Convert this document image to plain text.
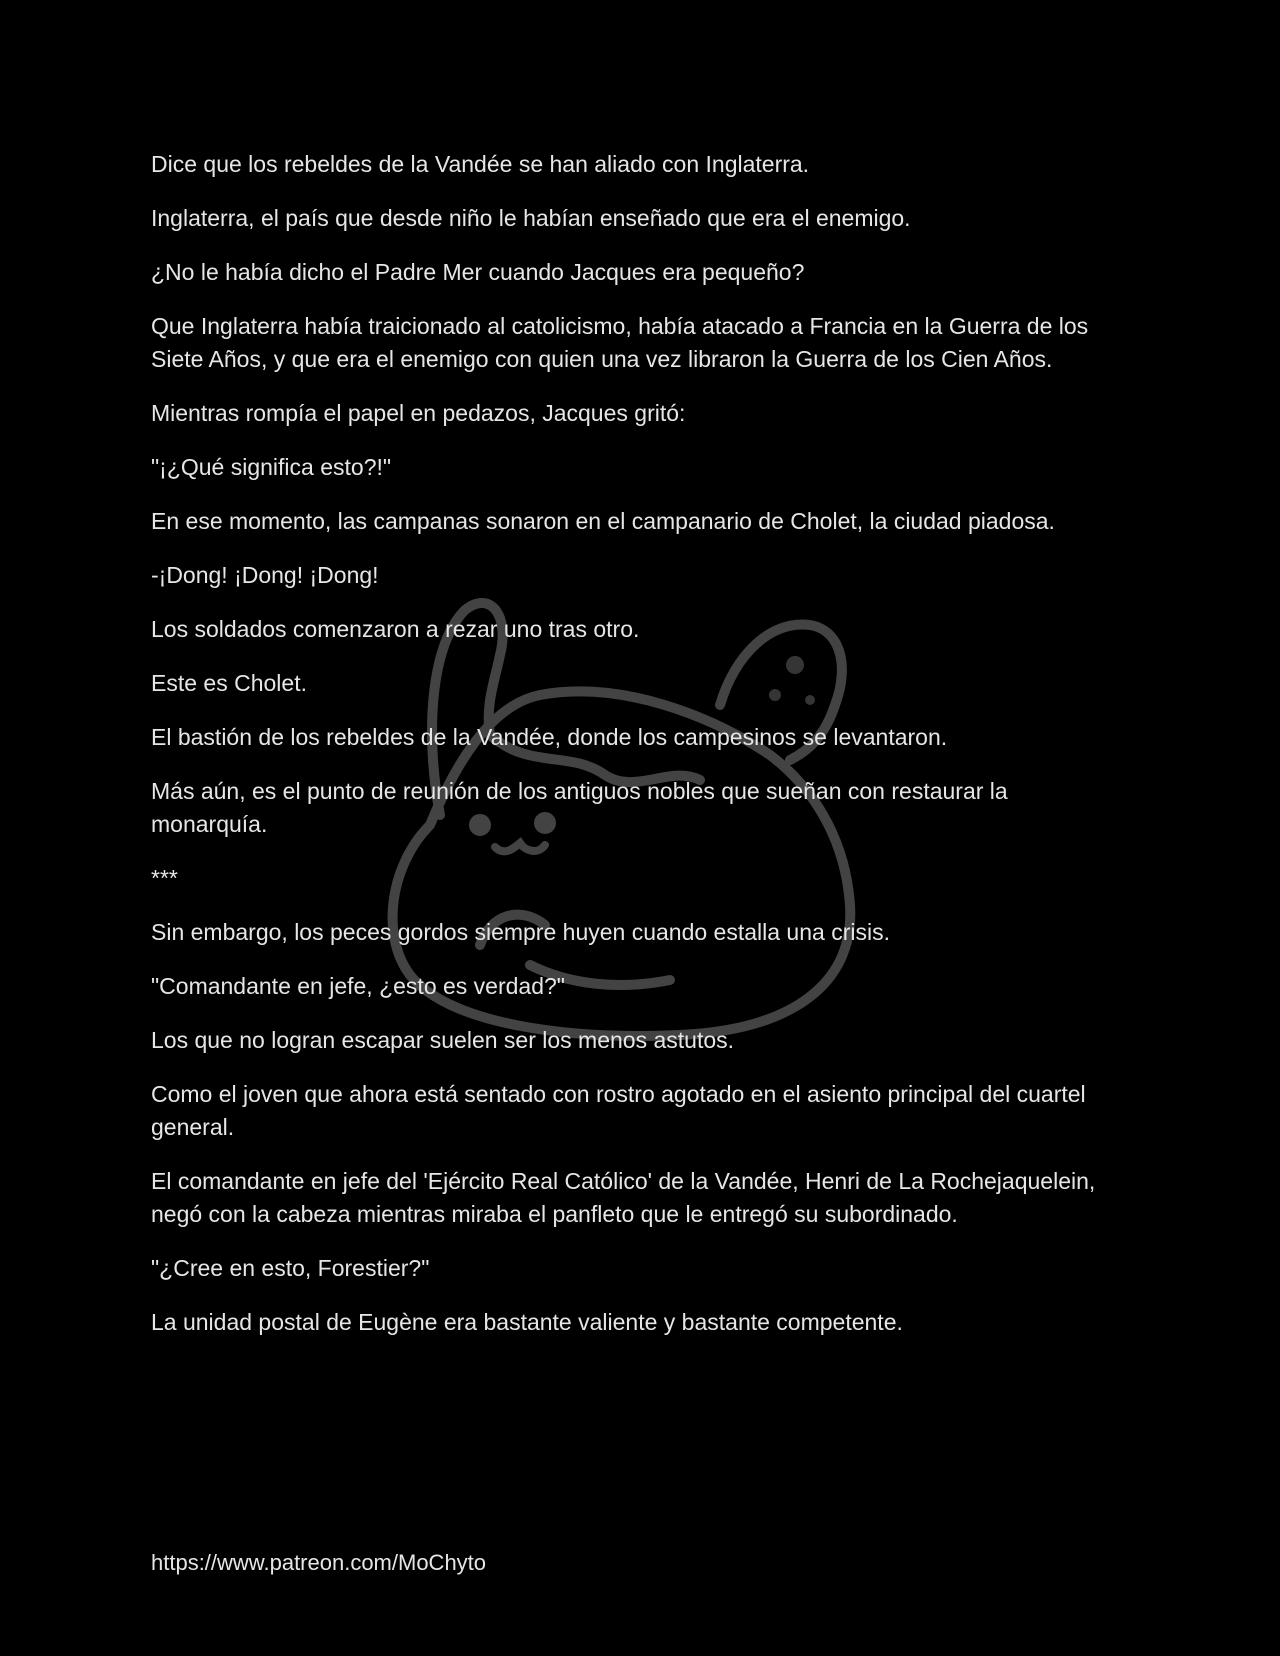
Dice que los rebeldes de la Vandée se han aliado con Inglaterra.

Inglaterra, el país que desde niño le habían enseñado que era el enemigo.

¿No le había dicho el Padre Mer cuando Jacques era pequeño?

Que Inglaterra había traicionado al catolicismo, había atacado a Francia en la Guerra de los Siete Años, y que era el enemigo con quien una vez libraron la Guerra de los Cien Años.

Mientras rompía el papel en pedazos, Jacques gritó:

"¡¿Qué significa esto?!"

En ese momento, las campanas sonaron en el campanario de Cholet, la ciudad piadosa.

-¡Dong! ¡Dong! ¡Dong!

Los soldados comenzaron a rezar uno tras otro.

Este es Cholet.

El bastión de los rebeldes de la Vandée, donde los campesinos se levantaron.

Más aún, es el punto de reunión de los antiguos nobles que sueñan con restaurar la monarquía.

***

Sin embargo, los peces gordos siempre huyen cuando estalla una crisis.

"Comandante en jefe, ¿esto es verdad?"

Los que no logran escapar suelen ser los menos astutos.

Como el joven que ahora está sentado con rostro agotado en el asiento principal del cuartel general.

El comandante en jefe del 'Ejército Real Católico' de la Vandée, Henri de La Rochejaquelein, negó con la cabeza mientras miraba el panfleto que le entregó su subordinado.

"¿Cree en esto, Forestier?"

La unidad postal de Eugène era bastante valiente y bastante competente.

https://www.patreon.com/MoChyto
